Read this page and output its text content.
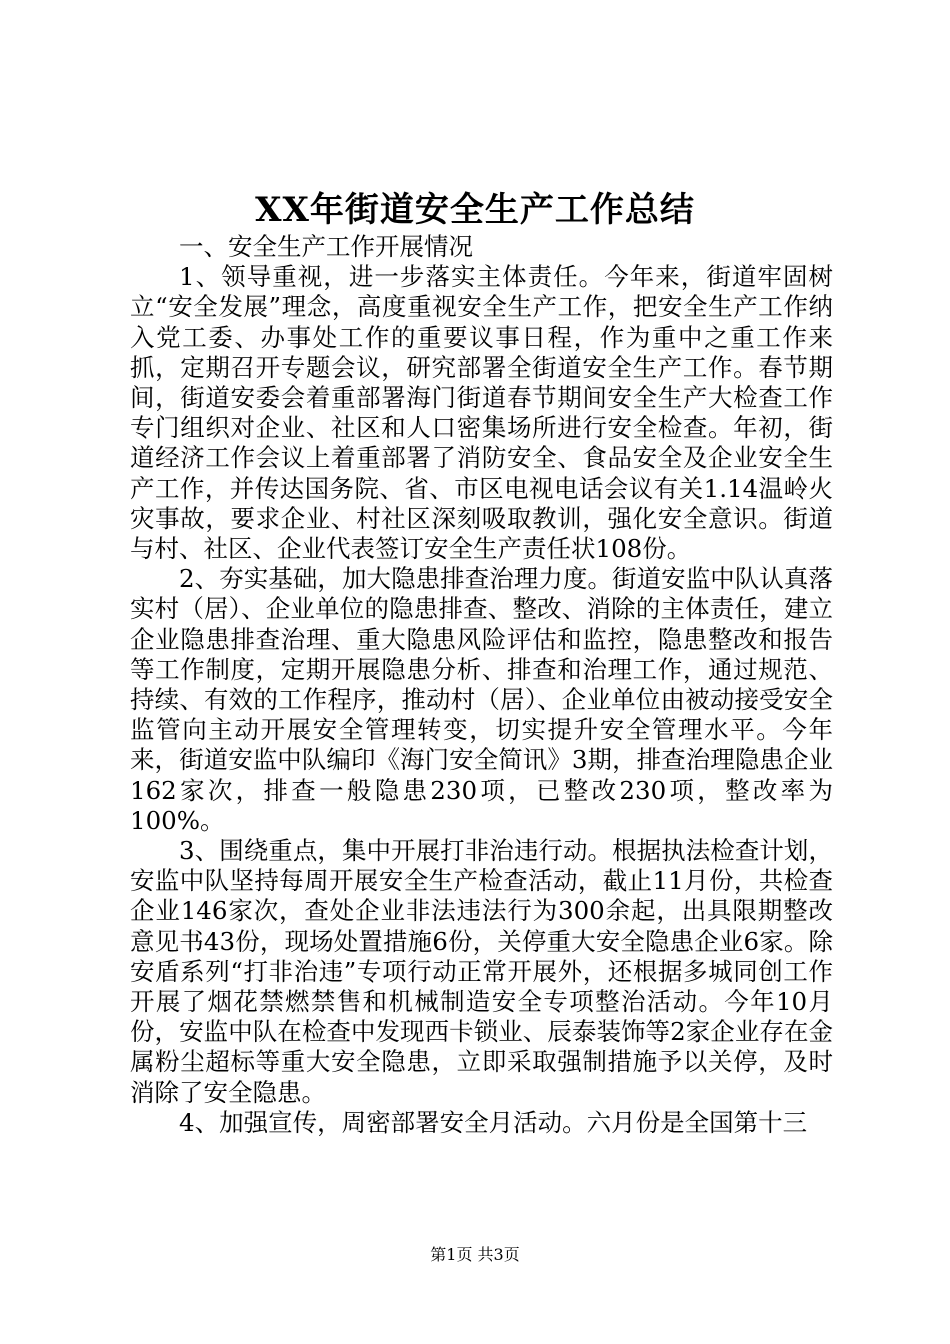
XX年街道安全生产工作总结

一、安全生产工作开展情况

1、领导重视，进一步落实主体责任。今年来，街道牢固树立“安全发展”理念，高度重视安全生产工作，把安全生产工作纳入党工委、办事处工作的重要议事日程，作为重中之重工作来抓，定期召开专题会议，研究部署全街道安全生产工作。春节期间，街道安委会着重部署海门街道春节期间安全生产大检查工作专门组织对企业、社区和人口密集场所进行安全检查。年初，街道经济工作会议上着重部署了消防安全、食品安全及企业安全生产工作，并传达国务院、省、市区电视电话会议有关1.14温岭火灾事故，要求企业、村社区深刻吸取教训，强化安全意识。街道与村、社区、企业代表签订安全生产责任状108份。

2、夯实基础，加大隐患排查治理力度。街道安监中队认真落实村（居）、企业单位的隐患排查、整改、消除的主体责任，建立企业隐患排查治理、重大隐患风险评估和监控，隐患整改和报告等工作制度，定期开展隐患分析、排查和治理工作，通过规范、持续、有效的工作程序，推动村（居）、企业单位由被动接受安全监管向主动开展安全管理转变，切实提升安全管理水平。今年来，街道安监中队编印《海门安全简讯》3期，排查治理隐患企业162家次，排查一般隐患230项，已整改230项，整改率为100%。

3、围绕重点，集中开展打非治违行动。根据执法检查计划，安监中队坚持每周开展安全生产检查活动，截止11月份，共检查企业146家次，查处企业非法违法行为300余起，出具限期整改意见书43份，现场处置措施6份，关停重大安全隐患企业6家。除安盾系列“打非治违”专项行动正常开展外，还根据多城同创工作开展了烟花禁燃禁售和机械制造安全专项整治活动。今年10月份，安监中队在检查中发现西卡锁业、辰泰装饰等2家企业存在金属粉尘超标等重大安全隐患，立即采取强制措施予以关停，及时消除了安全隐患。

4、加强宣传，周密部署安全月活动。六月份是全国第十三

第1页 共3页
